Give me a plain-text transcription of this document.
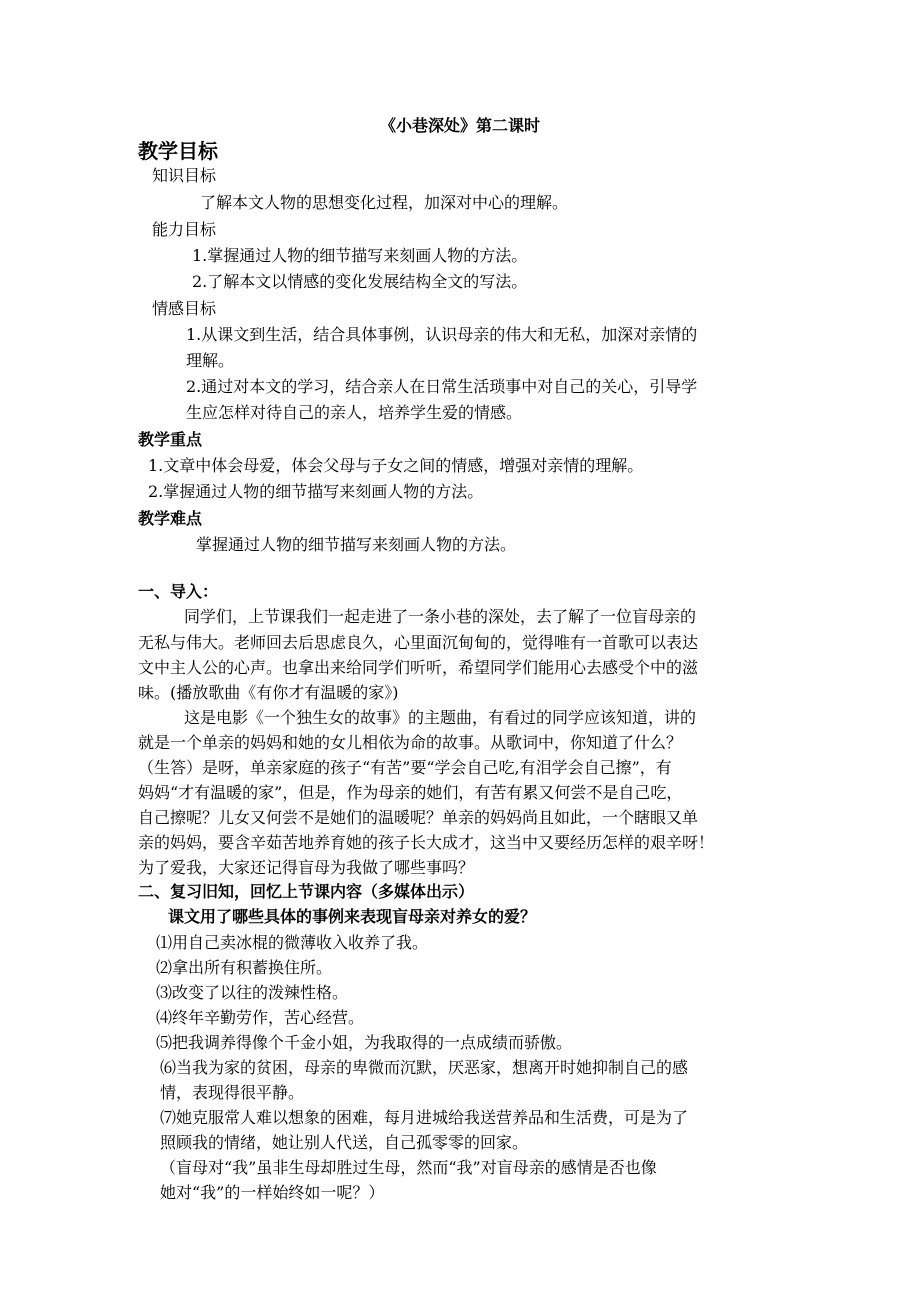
《小巷深处》第二课时
教学目标
知识目标
了解本文人物的思想变化过程，加深对中心的理解。
能力目标
1.掌握通过人物的细节描写来刻画人物的方法。
2.了解本文以情感的变化发展结构全文的写法。
情感目标
1.从课文到生活，结合具体事例，认识母亲的伟大和无私，加深对亲情的
理解。
2.通过对本文的学习，结合亲人在日常生活琐事中对自己的关心，引导学
生应怎样对待自己的亲人，培养学生爱的情感。
教学重点
1.文章中体会母爱，体会父母与子女之间的情感，增强对亲情的理解。
2.掌握通过人物的细节描写来刻画人物的方法。
教学难点
掌握通过人物的细节描写来刻画人物的方法。
一、导入：
同学们，上节课我们一起走进了一条小巷的深处，去了解了一位盲母亲的
无私与伟大。老师回去后思虑良久，心里面沉甸甸的，觉得唯有一首歌可以表达
文中主人公的心声。也拿出来给同学们听听，希望同学们能用心去感受个中的滋
味。(播放歌曲《有你才有温暖的家》)
这是电影《一个独生女的故事》的主题曲，有看过的同学应该知道，讲的
就是一个单亲的妈妈和她的女儿相依为命的故事。从歌词中，你知道了什么？
（生答）是呀，单亲家庭的孩子“有苦”要“学会自己吃,有泪学会自己擦”，有
妈妈“才有温暖的家”，但是，作为母亲的她们，有苦有累又何尝不是自己吃，
自己擦呢？儿女又何尝不是她们的温暖呢？单亲的妈妈尚且如此，一个瞎眼又单
亲的妈妈，要含辛茹苦地养育她的孩子长大成才，这当中又要经历怎样的艰辛呀！
为了爱我，大家还记得盲母为我做了哪些事吗？
二、复习旧知，回忆上节课内容（多媒体出示）
课文用了哪些具体的事例来表现盲母亲对养女的爱？
⑴用自己卖冰棍的微薄收入收养了我。
⑵拿出所有积蓄换住所。
⑶改变了以往的泼辣性格。
⑷终年辛勤劳作，苦心经营。
⑸把我调养得像个千金小姐，为我取得的一点成绩而骄傲。
⑹当我为家的贫困，母亲的卑微而沉默，厌恶家，想离开时她抑制自己的感
情，表现得很平静。
⑺她克服常人难以想象的困难，每月进城给我送营养品和生活费，可是为了
照顾我的情绪，她让别人代送，自己孤零零的回家。
（盲母对“我”虽非生母却胜过生母，然而“我”对盲母亲的感情是否也像
她对“我”的一样始终如一呢？）
